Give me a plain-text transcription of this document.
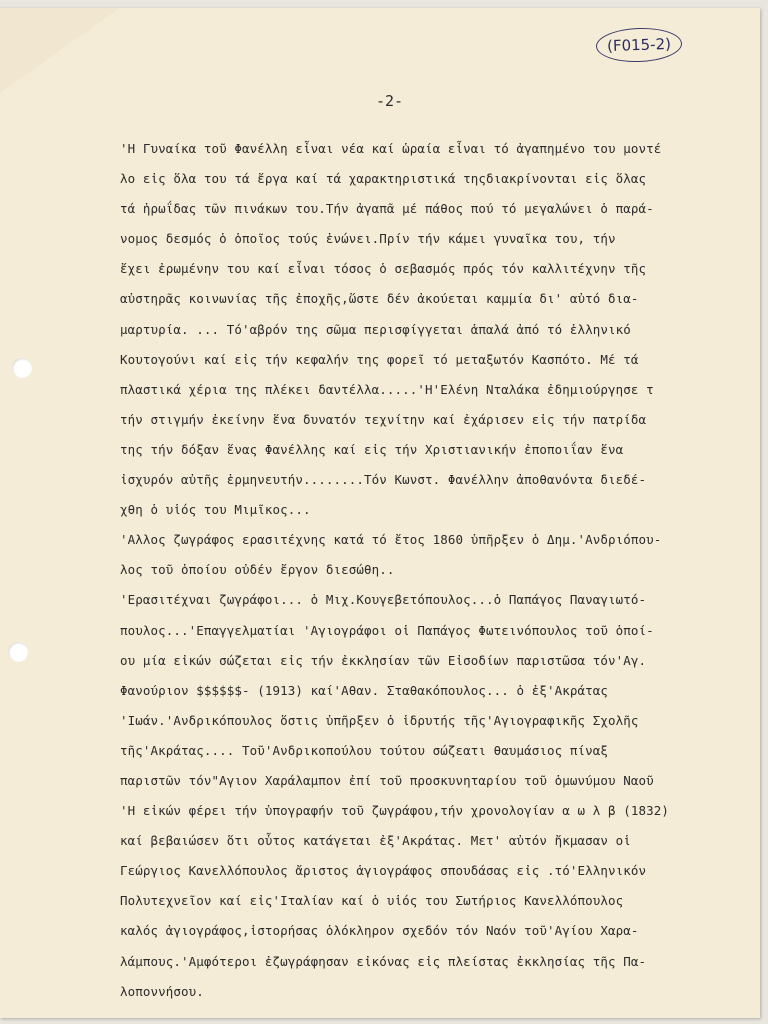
(F015-2)
-2-
'Η Γυναίκα τοῦ Φανέλλη εἶναι νέα καί ὡραία εἶναι τό ἀγαπημένο του μοντέ
λο εἰς ὅλα του τά ἔργα καί τά χαρακτηριστικά τηςδιακρίνονται εἰς ὅλας
τά ἡρωΐδας τῶν πινάκων του.Τήν ἀγαπᾶ μέ πάθος πού τό μεγαλώνει ὁ παρά-
νομος δεσμός ὁ ὁποῖος τούς ἑνώνει.Πρίν τήν κάμει γυναῖκα του, τήν
ἔχει ἐρωμένην του καί εἶναι τόσος ὁ σεβασμός πρός τόν καλλιτέχνην τῆς
αὐστηρᾶς κοινωνίας τῆς ἐποχῆς,ὥστε δέν ἀκούεται καμμία δι' αὐτό δια-
μαρτυρία. ... Τό'αβρόν της σῶμα περισφίγγεται ἁπαλά ἀπό τό ἑλληνικό
Κουτογούνι καί εἰς τήν κεφαλήν της φορεῖ τό μεταξωτόν Κασπότο. Μέ τά
πλαστικά χέρια της πλέκει δαντέλλα.....'Η'Ελένη Νταλάκα ἐδημιούργησε τ
τήν στιγμήν ἐκείνην ἕνα δυνατόν τεχνίτην καί ἐχάρισεν εἰς τήν πατρίδα
της τήν δόξαν ἕνας Φανέλλης καί εἰς τήν Χριστιανικήν ἐποποιΐαν ἕνα
ἰσχυρόν αὐτῆς ἑρμηνευτήν........Τόν Κωνστ. Φανέλλην ἀποθανόντα διεδέ-
χθη ὁ υἱός του Μιμῖκος...
'Αλλος ζωγράφος ερασιτέχνης κατά τό ἔτος 1860 ὑπῆρξεν ὁ Δημ.'Ανδριόπου-
λος τοῦ ὁποίου οὐδέν ἔργον διεσώθη..
'Ερασιτέχναι ζωγράφοι... ὁ Μιχ.Κουγεβετόπουλος...ὁ Παπάγος Παναγιωτό-
πουλος...'Επαγγελματίαι 'Αγιογράφοι οἱ Παπάγος Φωτεινόπουλος τοῦ ὁποί-
ου μία εἰκών σώζεται εἰς τήν ἐκκλησίαν τῶν Εἰσοδίων παριστῶσα τόν'Αγ.
Φανούριον $$$$$$- (1913) καί'Αθαν. Σταθακόπουλος... ὁ ἐξ'Ακράτας
'Ιωάν.'Ανδρικόπουλος ὅστις ὑπῆρξεν ὁ ἱδρυτής τῆς'Αγιογραφικῆς Σχολῆς
τῆς'Ακράτας.... Τοῦ'Ανδρικοπούλου τούτου σώζεατι θαυμάσιος πίναξ
παριστῶν τόν"Αγιον Χαράλαμπον ἐπί τοῦ προσκυνηταρίου τοῦ ὁμωνύμου Ναοῦ
'Η εἰκών φέρει τήν ὑπογραφήν τοῦ ζωγράφου,τήν χρονολογίαν α ω λ β (1832)
καί βεβαιώσεν ὅτι οὗτος κατάγεται ἐξ'Ακράτας. Μετ' αὐτόν ἤκμασαν οἱ
Γεώργιος Κανελλόπουλος ἄριστος ἁγιογράφος σπουδάσας εἰς .τό'Ελληνικόν
Πολυτεχνεῖον καί εἰς'Ιταλίαν καί ὁ υἱός του Σωτήριος Κανελλόπουλος
καλός ἁγιογράφος,ἱστορήσας ὁλόκληρον σχεδόν τόν Ναόν τοῦ'Αγίου Χαρα-
λάμπους.'Αμφότεροι ἐζωγράφησαν εἰκόνας εἰς πλείστας ἐκκλησίας τῆς Πα-
λοποννήσου.
